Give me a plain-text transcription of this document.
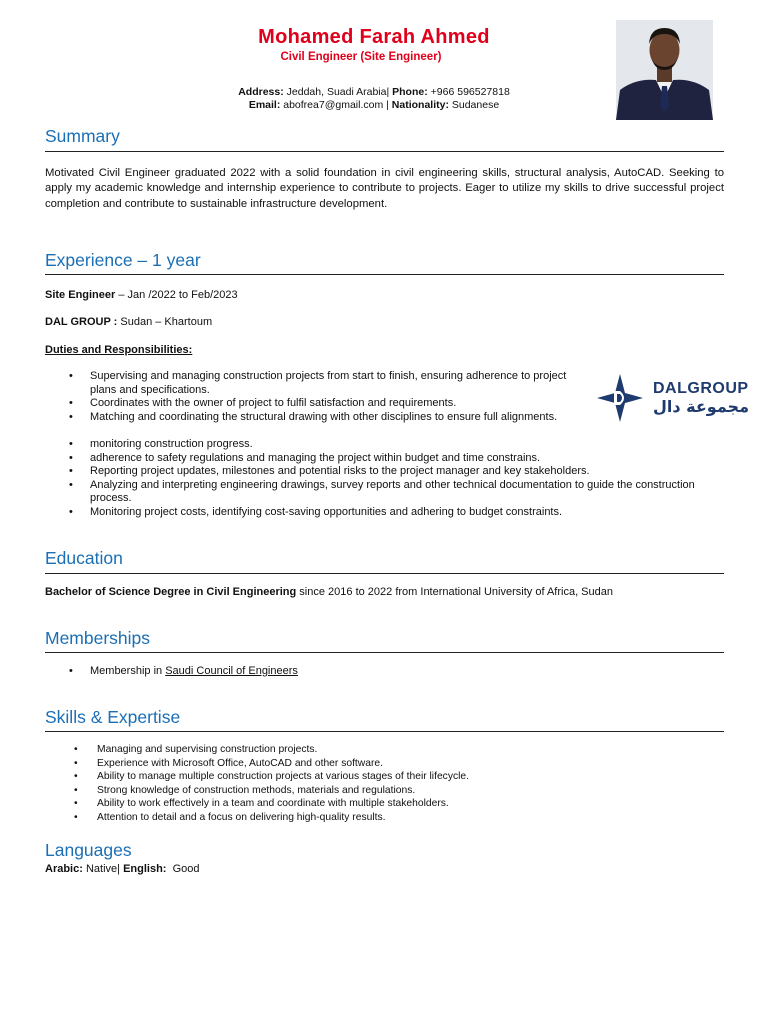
Mohamed Farah Ahmed
Civil Engineer (Site Engineer)
Address: Jeddah, Suadi Arabia| Phone: +966 596527818
Email: abofrea7@gmail.com | Nationality: Sudanese
Summary
Motivated Civil Engineer graduated 2022 with a solid foundation in civil engineering skills, structural analysis, AutoCAD. Seeking to apply my academic knowledge and internship experience to contribute to projects. Eager to utilize my skills to drive successful project completion and contribute to sustainable infrastructure development.
Experience – 1 year
Site Engineer – Jan /2022 to Feb/2023
DAL GROUP : Sudan – Khartoum
Duties and Responsibilities:
• Supervising and managing construction projects from start to finish, ensuring adherence to project plans and specifications.
• Coordinates with the owner of project to fulfil satisfaction and requirements.
• Matching and coordinating the structural drawing with other disciplines to ensure full alignments.
• monitoring construction progress.
• adherence to safety regulations and managing the project within budget and time constrains.
• Reporting project updates, milestones and potential risks to the project manager and key stakeholders.
• Analyzing and interpreting engineering drawings, survey reports and other technical documentation to guide the construction process.
• Monitoring project costs, identifying cost-saving opportunities and adhering to budget constraints.
DALGROUP
مجموعة دال
Education
Bachelor of Science Degree in Civil Engineering since 2016 to 2022 from International University of Africa, Sudan
Memberships
• Membership in Saudi Council of Engineers
Skills & Expertise
• Managing and supervising construction projects.
• Experience with Microsoft Office, AutoCAD and other software.
• Ability to manage multiple construction projects at various stages of their lifecycle.
• Strong knowledge of construction methods, materials and regulations.
• Ability to work effectively in a team and coordinate with multiple stakeholders.
• Attention to detail and a focus on delivering high-quality results.
Languages
Arabic: Native| English:  Good
